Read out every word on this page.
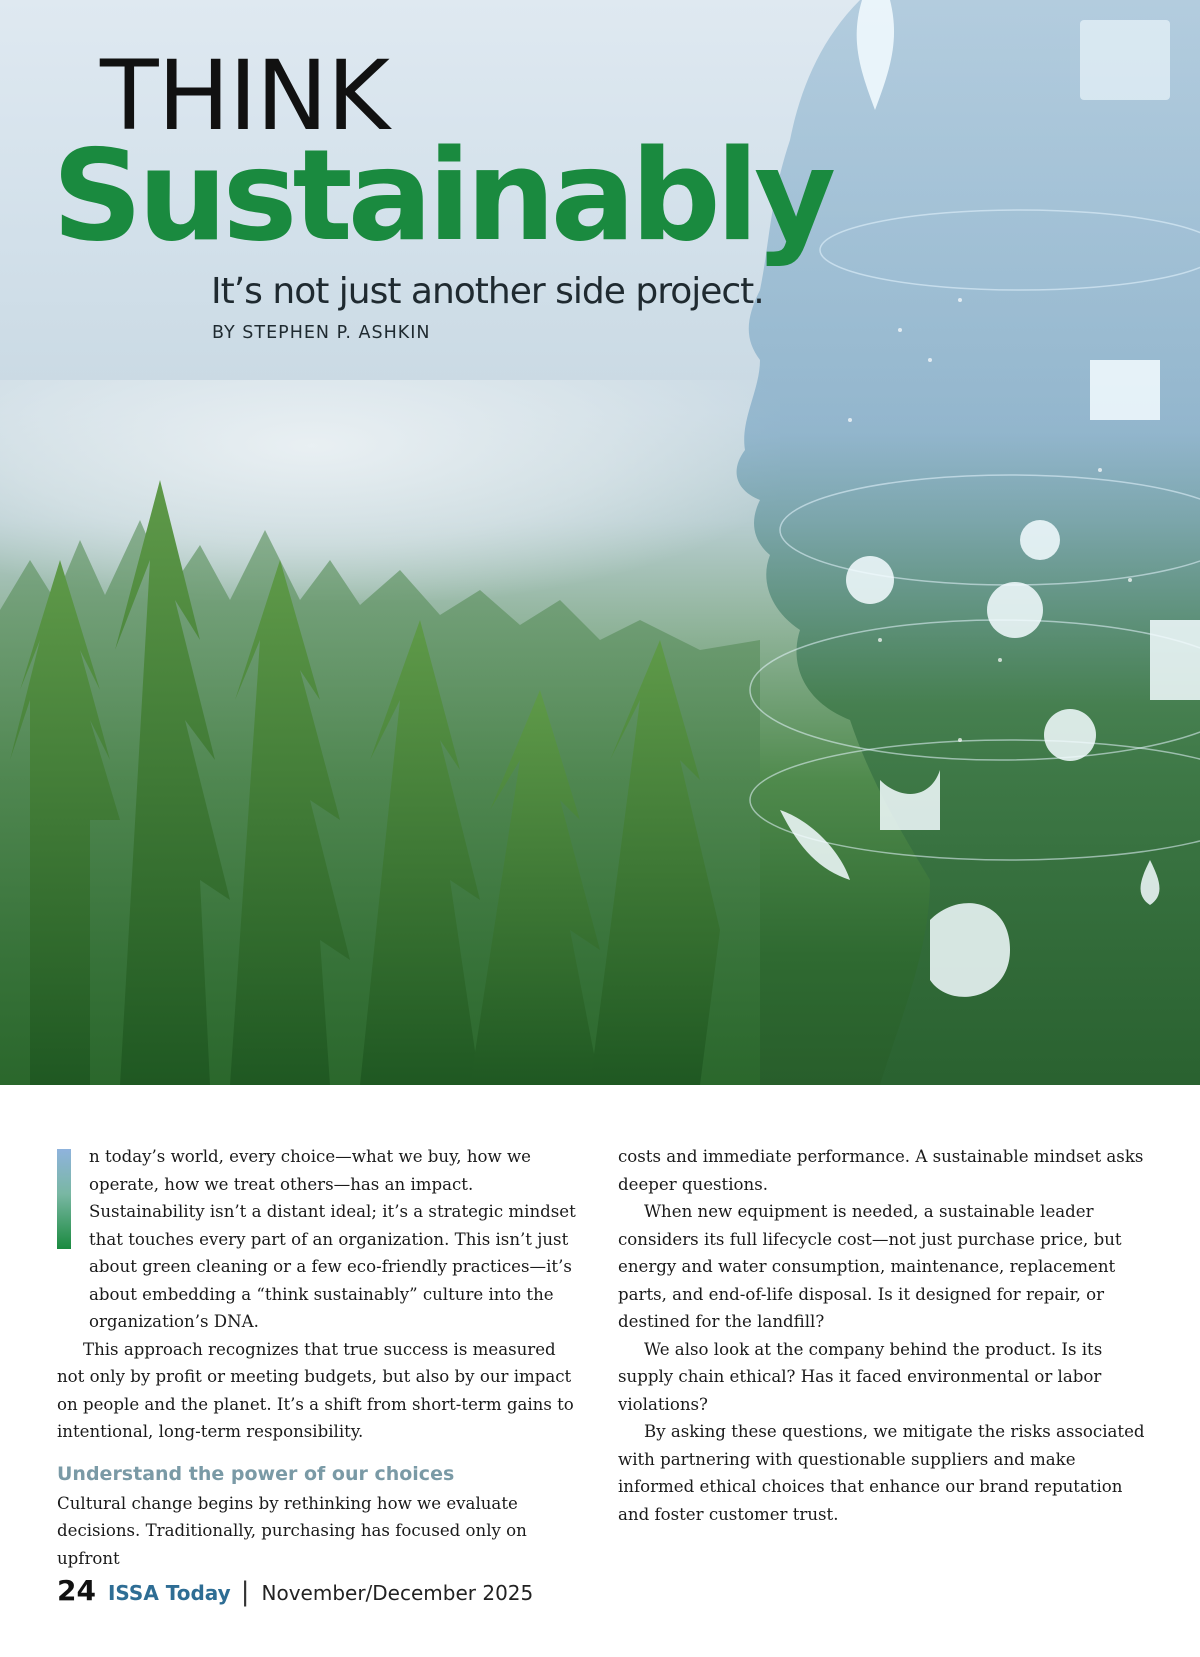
THINK
Sustainably

It’s not just another side project.

BY STEPHEN P. ASHKIN

n today’s world, every choice—what we buy, how we operate, how we treat others—has an impact. Sustainability isn’t a distant ideal; it’s a strategic mindset that touches every part of an organization. This isn’t just about green cleaning or a few eco-friendly practices—it’s about embedding a “think sustainably” culture into the organization’s DNA.

This approach recognizes that true success is measured not only by profit or meeting budgets, but also by our impact on people and the planet. It’s a shift from short-term gains to intentional, long-term responsibility.

Understand the power of our choices

Cultural change begins by rethinking how we evaluate decisions. Traditionally, purchasing has focused only on upfront

costs and immediate performance. A sustainable mindset asks deeper questions.

When new equipment is needed, a sustainable leader considers its full lifecycle cost—not just purchase price, but energy and water consumption, maintenance, replacement parts, and end-of-life disposal. Is it designed for repair, or destined for the landfill?

We also look at the company behind the product. Is its supply chain ethical? Has it faced environmental or labor violations?

By asking these questions, we mitigate the risks associated with partnering with questionable suppliers and make informed ethical choices that enhance our brand reputation and foster customer trust.

24 ISSA Today | November/December 2025
